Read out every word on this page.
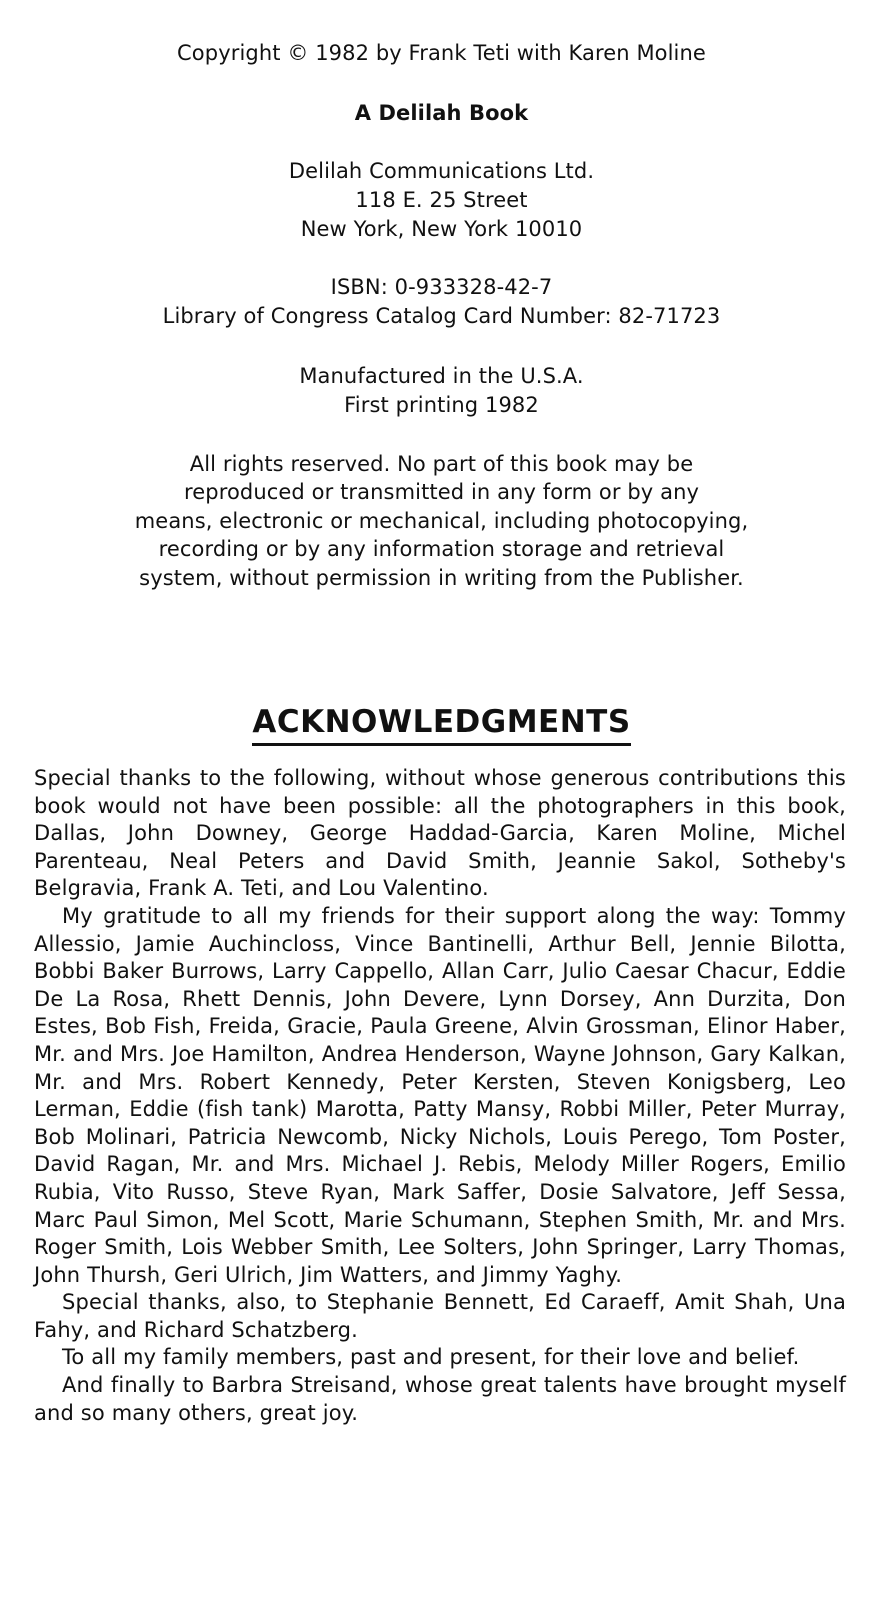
Copyright © 1982 by Frank Teti with Karen Moline
A Delilah Book
Delilah Communications Ltd.
118 E. 25 Street
New York, New York 10010
ISBN: 0-933328-42-7
Library of Congress Catalog Card Number: 82-71723
Manufactured in the U.S.A.
First printing 1982
All rights reserved. No part of this book may be
reproduced or transmitted in any form or by any
means, electronic or mechanical, including photocopying,
recording or by any information storage and retrieval
system, without permission in writing from the Publisher.
ACKNOWLEDGMENTS

Special thanks to the following, without whose generous contributions this book would not have been possible: all the photographers in this book, Dallas, John Downey, George Haddad-Garcia, Karen Moline, Michel Parenteau, Neal Peters and David Smith, Jeannie Sakol, Sotheby's Belgravia, Frank A. Teti, and Lou Valentino.

My gratitude to all my friends for their support along the way: Tommy Allessio, Jamie Auchincloss, Vince Bantinelli, Arthur Bell, Jennie Bilotta, Bobbi Baker Burrows, Larry Cappello, Allan Carr, Julio Caesar Chacur, Eddie De La Rosa, Rhett Dennis, John Devere, Lynn Dorsey, Ann Durzita, Don Estes, Bob Fish, Freida, Gracie, Paula Greene, Alvin Grossman, Elinor Haber, Mr. and Mrs. Joe Hamilton, Andrea Henderson, Wayne Johnson, Gary Kalkan, Mr. and Mrs. Robert Kennedy, Peter Kersten, Steven Konigsberg, Leo Lerman, Eddie (fish tank) Marotta, Patty Mansy, Robbi Miller, Peter Murray, Bob Molinari, Patricia Newcomb, Nicky Nichols, Louis Perego, Tom Poster, David Ragan, Mr. and Mrs. Michael J. Rebis, Melody Miller Rogers, Emilio Rubia, Vito Russo, Steve Ryan, Mark Saffer, Dosie Salvatore, Jeff Sessa, Marc Paul Simon, Mel Scott, Marie Schumann, Stephen Smith, Mr. and Mrs. Roger Smith, Lois Webber Smith, Lee Solters, John Springer, Larry Thomas, John Thursh, Geri Ulrich, Jim Watters, and Jimmy Yaghy.

Special thanks, also, to Stephanie Bennett, Ed Caraeff, Amit Shah, Una Fahy, and Richard Schatzberg.

To all my family members, past and present, for their love and belief.

And finally to Barbra Streisand, whose great talents have brought myself and so many others, great joy.
